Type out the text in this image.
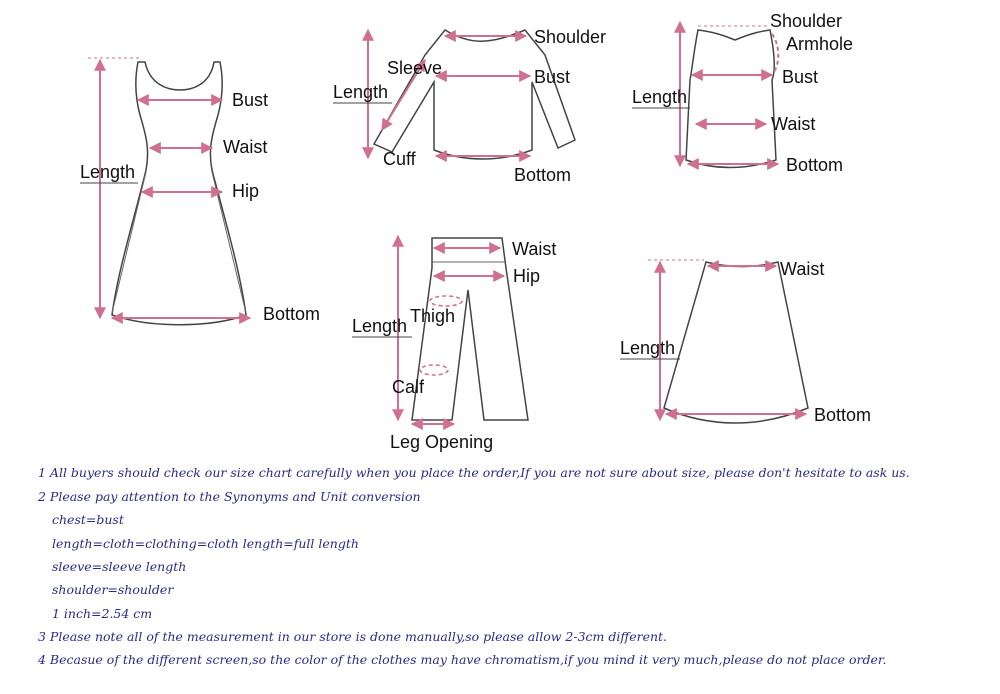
Bust
Waist
Hip
Length
Bottom
Shoulder
Sleeve	Bust
Length
Cuff
Bottom
Shoulder
Armhole
Bust
Length
Waist
Bottom
Waist
Hip
Length Thigh
Calf
Leg Opening
Waist
Length
Bottom
1 All buyers should check our size chart carefully when you place the order,If you are not sure about size, please don't hesitate to ask us.
2 Please pay attention to the Synonyms and Unit conversion
chest=bust
length=cloth=clothing=cloth length=full length
sleeve=sleeve length
shoulder=shoulder
1 inch=2.54 cm
3 Please note all of the measurement in our store is done manually,so please allow 2-3cm different.
4 Becasue of the different screen,so the color of the clothes may have chromatism,if you mind it very much,please do not place order.
